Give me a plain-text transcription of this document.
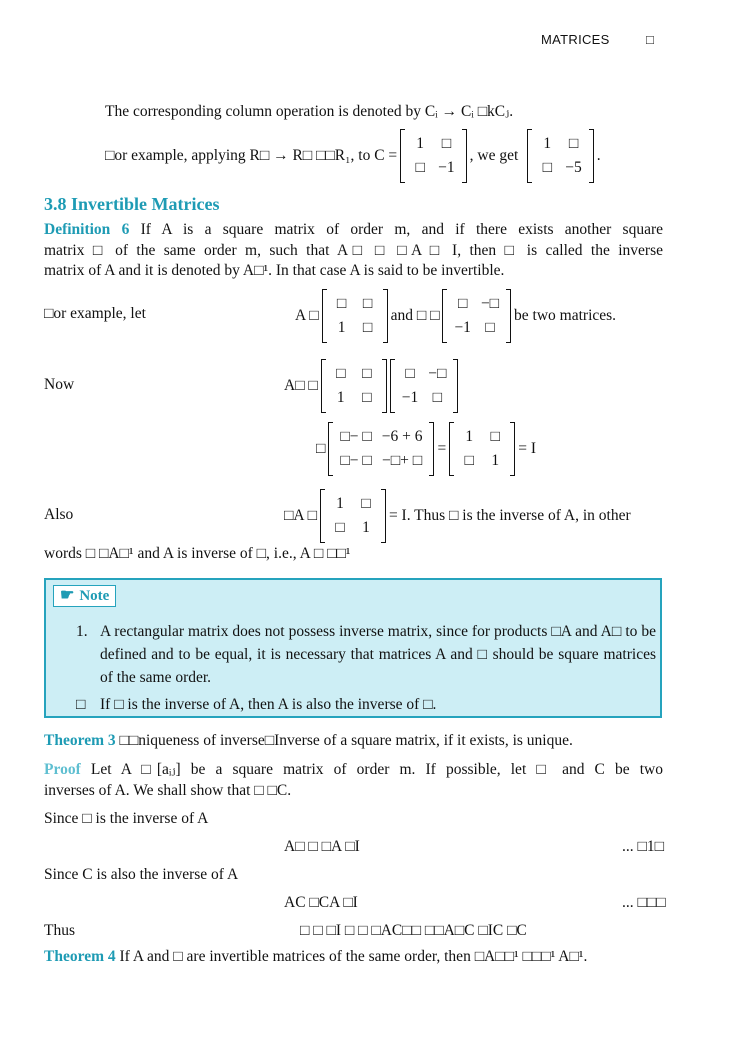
MATRICES	□
The corresponding column operation is denoted by Cᵢ → Cᵢ □kCⱼ.
□or example, applying R□ → R□ □□R₁, to C =
1	□
□	−1
, we get
1	□
□	−5
.
3.8 Invertible Matrices
Definition 6 If A is a square matrix of order m, and if there exists another square
matrix □ of the same order m, such that A□ □ □A □ I, then □ is called the inverse
matrix of A and it is denoted by A□¹. In that case A is said to be invertible.
□or example, let	A □
□	□
1	□
and □ □
□	−□
−1	□
be two matrices.
Now	A□ □
□	□
1	□
□	−□
−1	□
□
□− □	−6 + 6
□− □	−□+ □
=
1	□
□	1
= I
Also	□A □
1	□
□	1
= I. Thus □ is the inverse of A, in other
words □ □A□¹ and A is inverse of □, i.e., A □ □□¹
☛ Note
1. A rectangular matrix does not possess inverse matrix, since for products □A and A□ to be defined and to be equal, it is necessary that matrices A and □ should be square matrices of the same order.
□ If □ is the inverse of A, then A is also the inverse of □.
Theorem 3 □□niqueness of inverse□Inverse of a square matrix, if it exists, is unique.
Proof Let A □[aᵢⱼ] be a square matrix of order m. If possible, let □ and C be two
inverses of A. We shall show that □ □C.
Since □ is the inverse of A
A□ □ □A □I	... □1□
Since C is also the inverse of A
AC □CA □I	... □□□
Thus	□ □ □I □ □ □AC□□ □□A□C □IC □C
Theorem 4 If A and □ are invertible matrices of the same order, then □A□□¹ □□□¹ A□¹.
